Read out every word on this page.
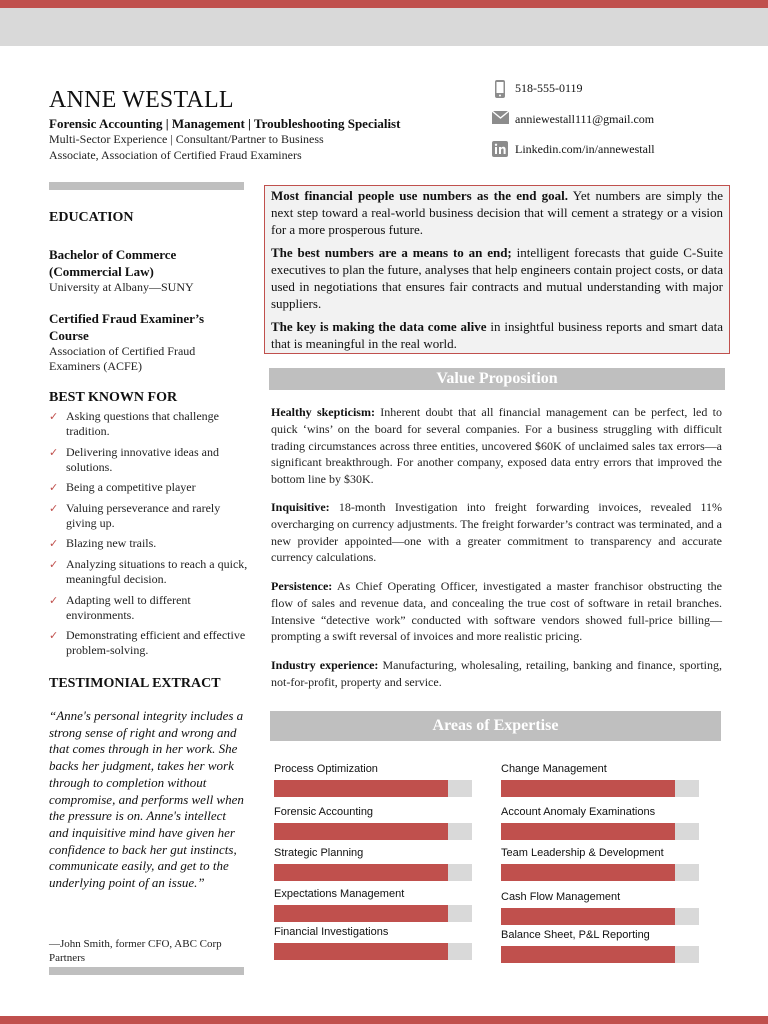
ANNE WESTALL
Forensic Accounting | Management | Troubleshooting Specialist
Multi-Sector Experience | Consultant/Partner to Business
Associate, Association of Certified Fraud Examiners
518-555-0119
anniewestall111@gmail.com
Linkedin.com/in/annewestall
EDUCATION
Bachelor of Commerce
(Commercial Law)
University at Albany—SUNY
Certified Fraud Examiner’s
Course
Association of Certified Fraud
Examiners (ACFE)
BEST KNOWN FOR
✓ Asking questions that challenge tradition.
✓ Delivering innovative ideas and solutions.
✓ Being a competitive player
✓ Valuing perseverance and rarely giving up.
✓ Blazing new trails.
✓ Analyzing situations to reach a quick, meaningful decision.
✓ Adapting well to different environments.
✓ Demonstrating efficient and effective problem-solving.
TESTIMONIAL EXTRACT
“Anne's personal integrity includes a strong sense of right and wrong and that comes through in her work. She backs her judgment, takes her work through to completion without compromise, and performs well when the pressure is on. Anne's intellect and inquisitive mind have given her confidence to back her gut instincts, communicate easily, and get to the underlying point of an issue.”
—John Smith, former CFO, ABC Corp Partners

Most financial people use numbers as the end goal. Yet numbers are simply the next step toward a real-world business decision that will cement a strategy or a vision for a more prosperous future.

The best numbers are a means to an end; intelligent forecasts that guide C-Suite executives to plan the future, analyses that help engineers contain project costs, or data used in negotiations that ensures fair contracts and mutual understanding with major suppliers.

The key is making the data come alive in insightful business reports and smart data that is meaningful in the real world.

Value Proposition
Healthy skepticism: Inherent doubt that all financial management can be perfect, led to quick ‘wins’ on the board for several companies. For a business struggling with difficult trading circumstances across three entities, uncovered $60K of unclaimed sales tax errors—a significant breakthrough. For another company, exposed data entry errors that improved the bottom line by $30K.
Inquisitive: 18-month Investigation into freight forwarding invoices, revealed 11% overcharging on currency adjustments. The freight forwarder’s contract was terminated, and a new provider appointed—one with a greater commitment to transparency and accurate currency calculations.
Persistence: As Chief Operating Officer, investigated a master franchisor obstructing the flow of sales and revenue data, and concealing the true cost of software in retail branches. Intensive “detective work” conducted with software vendors showed full-price billing—prompting a swift reversal of invoices and more realistic pricing.
Industry experience: Manufacturing, wholesaling, retailing, banking and finance, sporting, not-for-profit, property and service.
Areas of Expertise
Process Optimization	Change Management
Forensic Accounting	Account Anomaly Examinations
Strategic Planning	Team Leadership & Development
Expectations Management	Cash Flow Management
Financial Investigations	Balance Sheet, P&L Reporting
